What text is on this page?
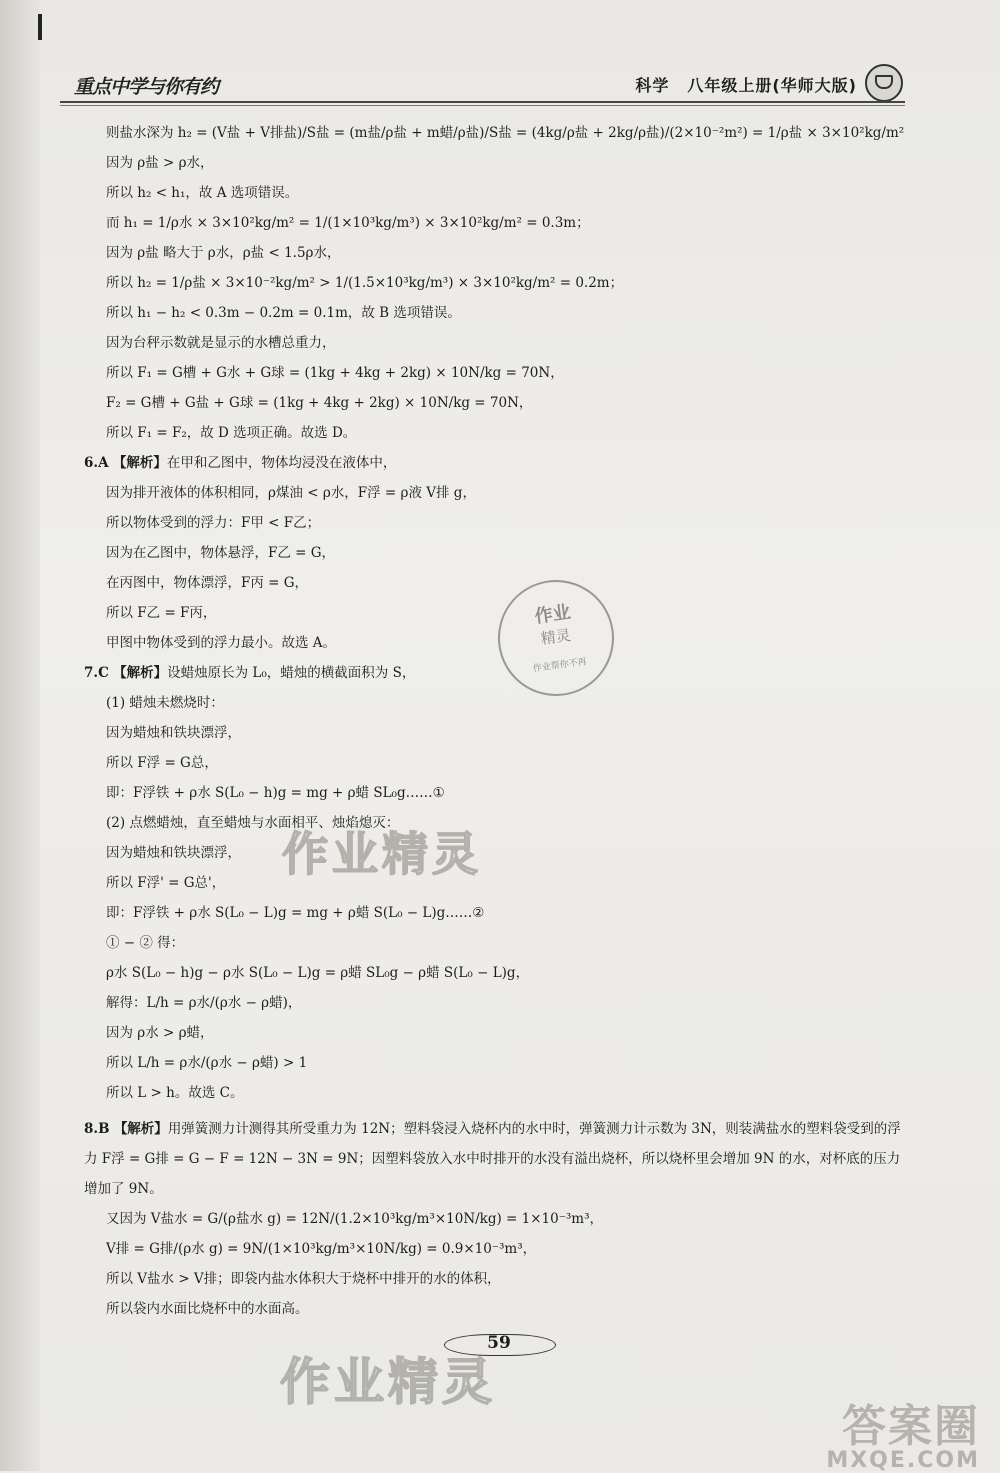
重点中学与你有约	科学 八年级上册(华师大版)
则盐水深为 h₂ = (V盐 + V排盐)/S盐 = (m盐/ρ盐 + m蜡/ρ盐)/S盐 = (4kg/ρ盐 + 2kg/ρ盐)/(2×10⁻²m²) = 1/ρ盐 × 3×10²kg/m²
因为 ρ盐 > ρ水，
所以 h₂ < h₁，故 A 选项错误。
而 h₁ = 1/ρ水 × 3×10²kg/m² = 1/(1×10³kg/m³) × 3×10²kg/m² = 0.3m；
因为 ρ盐 略大于 ρ水，ρ盐 < 1.5ρ水，
所以 h₂ = 1/ρ盐 × 3×10⁻²kg/m² > 1/(1.5×10³kg/m³) × 3×10²kg/m² = 0.2m；
所以 h₁ − h₂ < 0.3m − 0.2m = 0.1m，故 B 选项错误。
因为台秤示数就是显示的水槽总重力，
所以 F₁ = G槽 + G水 + G球 = (1kg + 4kg + 2kg) × 10N/kg = 70N，
F₂ = G槽 + G盐 + G球 = (1kg + 4kg + 2kg) × 10N/kg = 70N，
所以 F₁ = F₂，故 D 选项正确。故选 D。
6.A 【解析】在甲和乙图中，物体均浸没在液体中，
因为排开液体的体积相同，ρ煤油 < ρ水，F浮 = ρ液 V排 g，
所以物体受到的浮力：F甲 < F乙；
因为在乙图中，物体悬浮，F乙 = G，
在丙图中，物体漂浮，F丙 = G，
所以 F乙 = F丙，
甲图中物体受到的浮力最小。故选 A。
7.C 【解析】设蜡烛原长为 L₀，蜡烛的横截面积为 S，
(1) 蜡烛未燃烧时：
因为蜡烛和铁块漂浮，
所以 F浮 = G总，
即：F浮铁 + ρ水 S(L₀ − h)g = mg + ρ蜡 SL₀g……①
(2) 点燃蜡烛，直至蜡烛与水面相平、烛焰熄灭：
因为蜡烛和铁块漂浮，
所以 F浮' = G总'，
即：F浮铁 + ρ水 S(L₀ − L)g = mg + ρ蜡 S(L₀ − L)g……②
① − ② 得：
ρ水 S(L₀ − h)g − ρ水 S(L₀ − L)g = ρ蜡 SL₀g − ρ蜡 S(L₀ − L)g，
解得：L/h = ρ水/(ρ水 − ρ蜡)，
因为 ρ水 > ρ蜡，
所以 L/h = ρ水/(ρ水 − ρ蜡) > 1
所以 L > h。故选 C。
8.B 【解析】用弹簧测力计测得其所受重力为 12N；塑料袋浸入烧杯内的水中时，弹簧测力计示数为 3N，则装满盐水的塑料袋受到的浮力 F浮 = G排 = G − F = 12N − 3N = 9N；因塑料袋放入水中时排开的水没有溢出烧杯，所以烧杯里会增加 9N 的水，对杯底的压力增加了 9N。
又因为 V盐水 = G/(ρ盐水 g) = 12N/(1.2×10³kg/m³×10N/kg) = 1×10⁻³m³，
V排 = G排/(ρ水 g) = 9N/(1×10³kg/m³×10N/kg) = 0.9×10⁻³m³，
所以 V盐水 > V排；即袋内盐水体积大于烧杯中排开的水的体积，
所以袋内水面比烧杯中的水面高。
作业
精灵
作业帮你不再
作业精灵
作业精灵
59
答案圈
MXQE.COM
